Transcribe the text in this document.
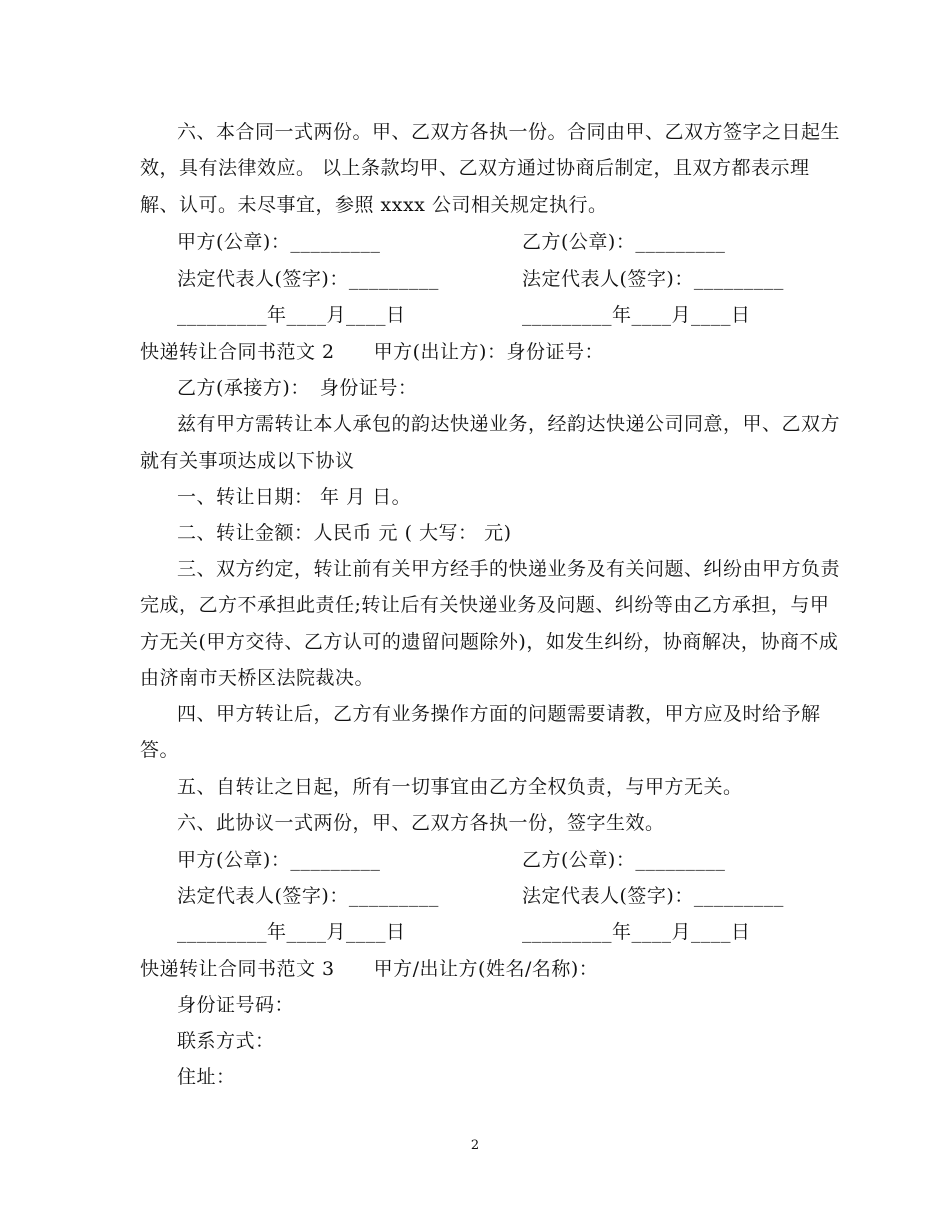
六、本合同一式两份。甲、乙双方各执一份。合同由甲、乙双方签字之日起生
效，具有法律效应。 以上条款均甲、乙双方通过协商后制定，且双方都表示理
解、认可。未尽事宜，参照 xxxx 公司相关规定执行。
甲方(公章)：_________	乙方(公章)：_________
法定代表人(签字)：_________	法定代表人(签字)：_________
_________年____月____日	_________年____月____日
快递转让合同书范文 2　　甲方(出让方)：身份证号：
乙方(承接方)：　身份证号：
兹有甲方需转让本人承包的韵达快递业务，经韵达快递公司同意，甲、乙双方
就有关事项达成以下协议
一、转让日期： 年 月 日。
二、转让金额：人民币 元 ( 大写： 元)
三、双方约定，转让前有关甲方经手的快递业务及有关问题、纠纷由甲方负责
完成，乙方不承担此责任;转让后有关快递业务及问题、纠纷等由乙方承担，与甲
方无关(甲方交待、乙方认可的遗留问题除外)，如发生纠纷，协商解决，协商不成
由济南市天桥区法院裁决。
四、甲方转让后，乙方有业务操作方面的问题需要请教，甲方应及时给予解
答。
五、自转让之日起，所有一切事宜由乙方全权负责，与甲方无关。
六、此协议一式两份，甲、乙双方各执一份，签字生效。
甲方(公章)：_________	乙方(公章)：_________
法定代表人(签字)：_________	法定代表人(签字)：_________
_________年____月____日	_________年____月____日
快递转让合同书范文 3　　甲方/出让方(姓名/名称)：
身份证号码：
联系方式：
住址：
2
